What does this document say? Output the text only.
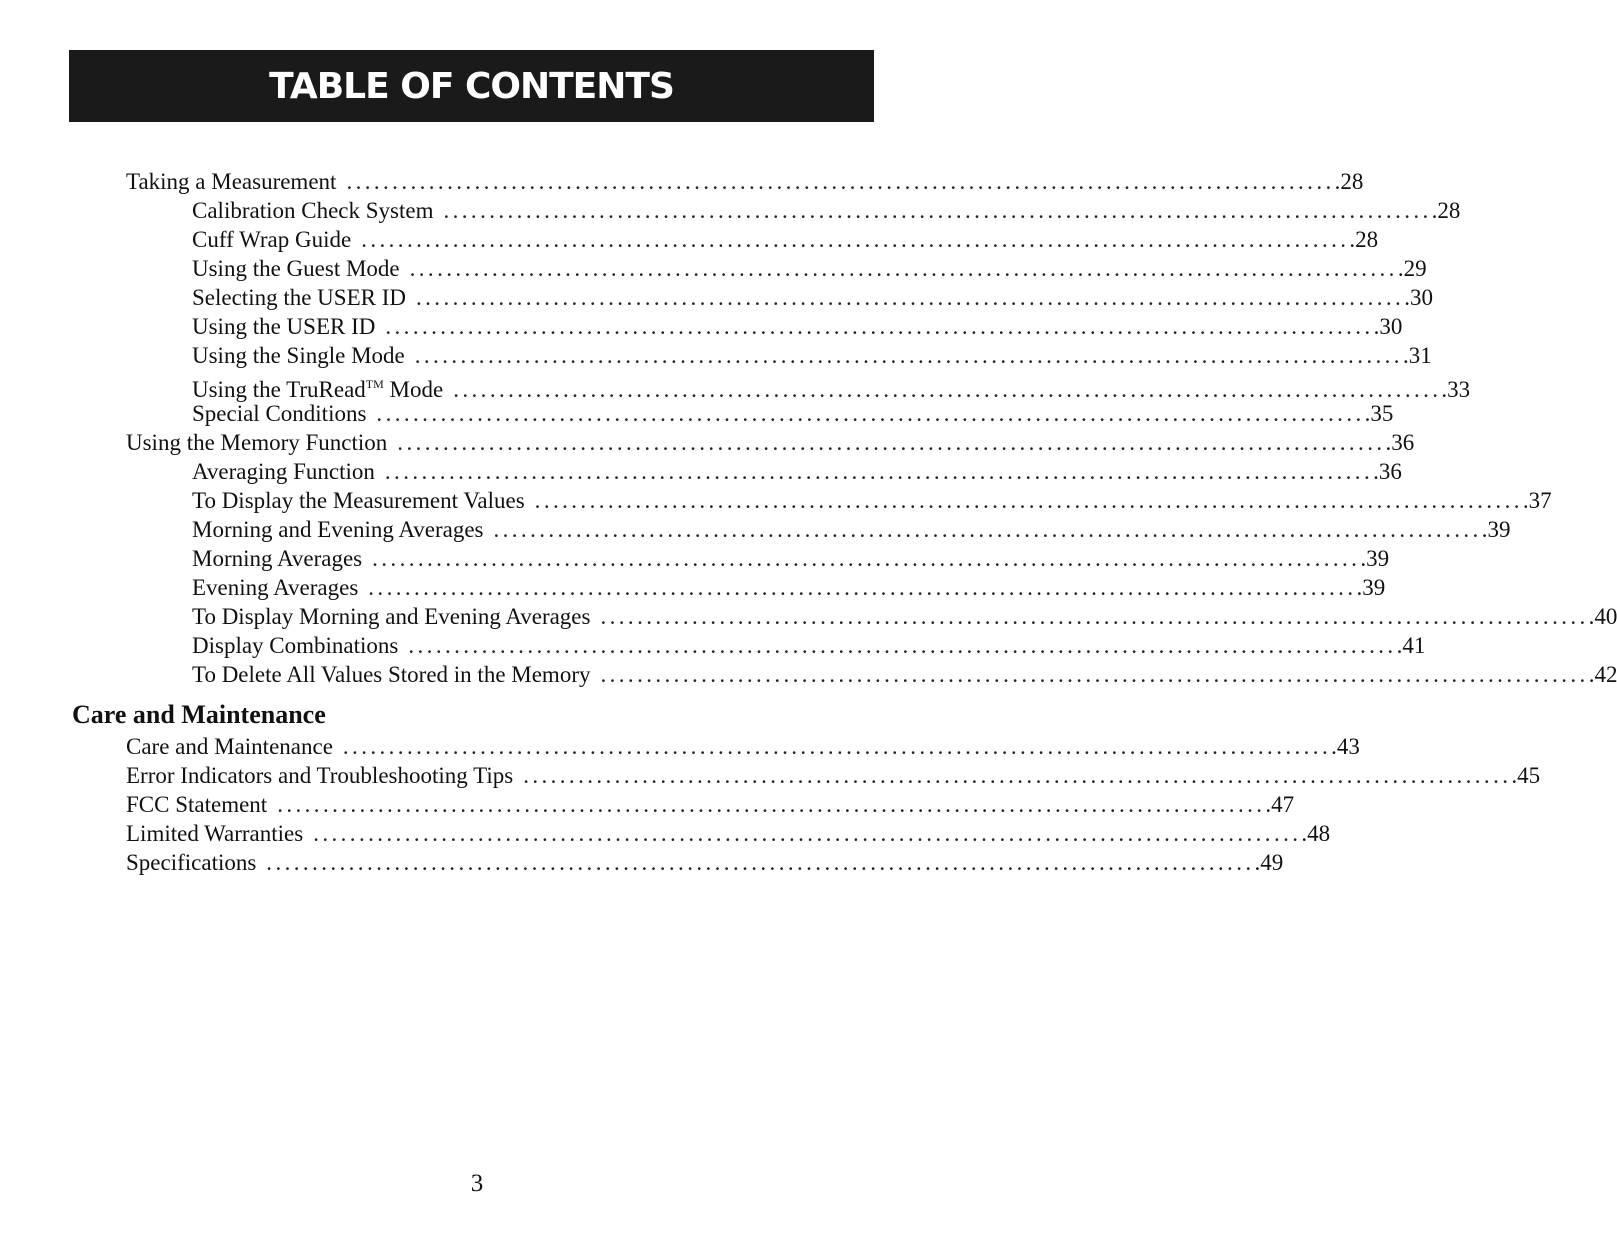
TABLE OF CONTENTS
Taking a Measurement ............................................................................................................ .28
Calibration Check System ............................................................................................................ .28
Cuff Wrap Guide ............................................................................................................ .28
Using the Guest Mode ............................................................................................................ .29
Selecting the USER ID ............................................................................................................ .30
Using the USER ID ............................................................................................................ .30
Using the Single Mode ............................................................................................................ .31
Using the TruRead™ Mode ............................................................................................................ .33
Special Conditions ............................................................................................................ .35
Using the Memory Function ............................................................................................................ .36
Averaging Function ............................................................................................................ .36
To Display the Measurement Values ............................................................................................................ .37
Morning and Evening Averages ............................................................................................................ .39
Morning Averages ............................................................................................................ .39
Evening Averages ............................................................................................................ .39
To Display Morning and Evening Averages ............................................................................................................ .40
Display Combinations ............................................................................................................ .41
To Delete All Values Stored in the Memory ............................................................................................................ .42
Care and Maintenance
Care and Maintenance ............................................................................................................ .43
Error Indicators and Troubleshooting Tips ............................................................................................................ .45
FCC Statement ............................................................................................................ .47
Limited Warranties ............................................................................................................ .48
Specifications ............................................................................................................ .49
3
